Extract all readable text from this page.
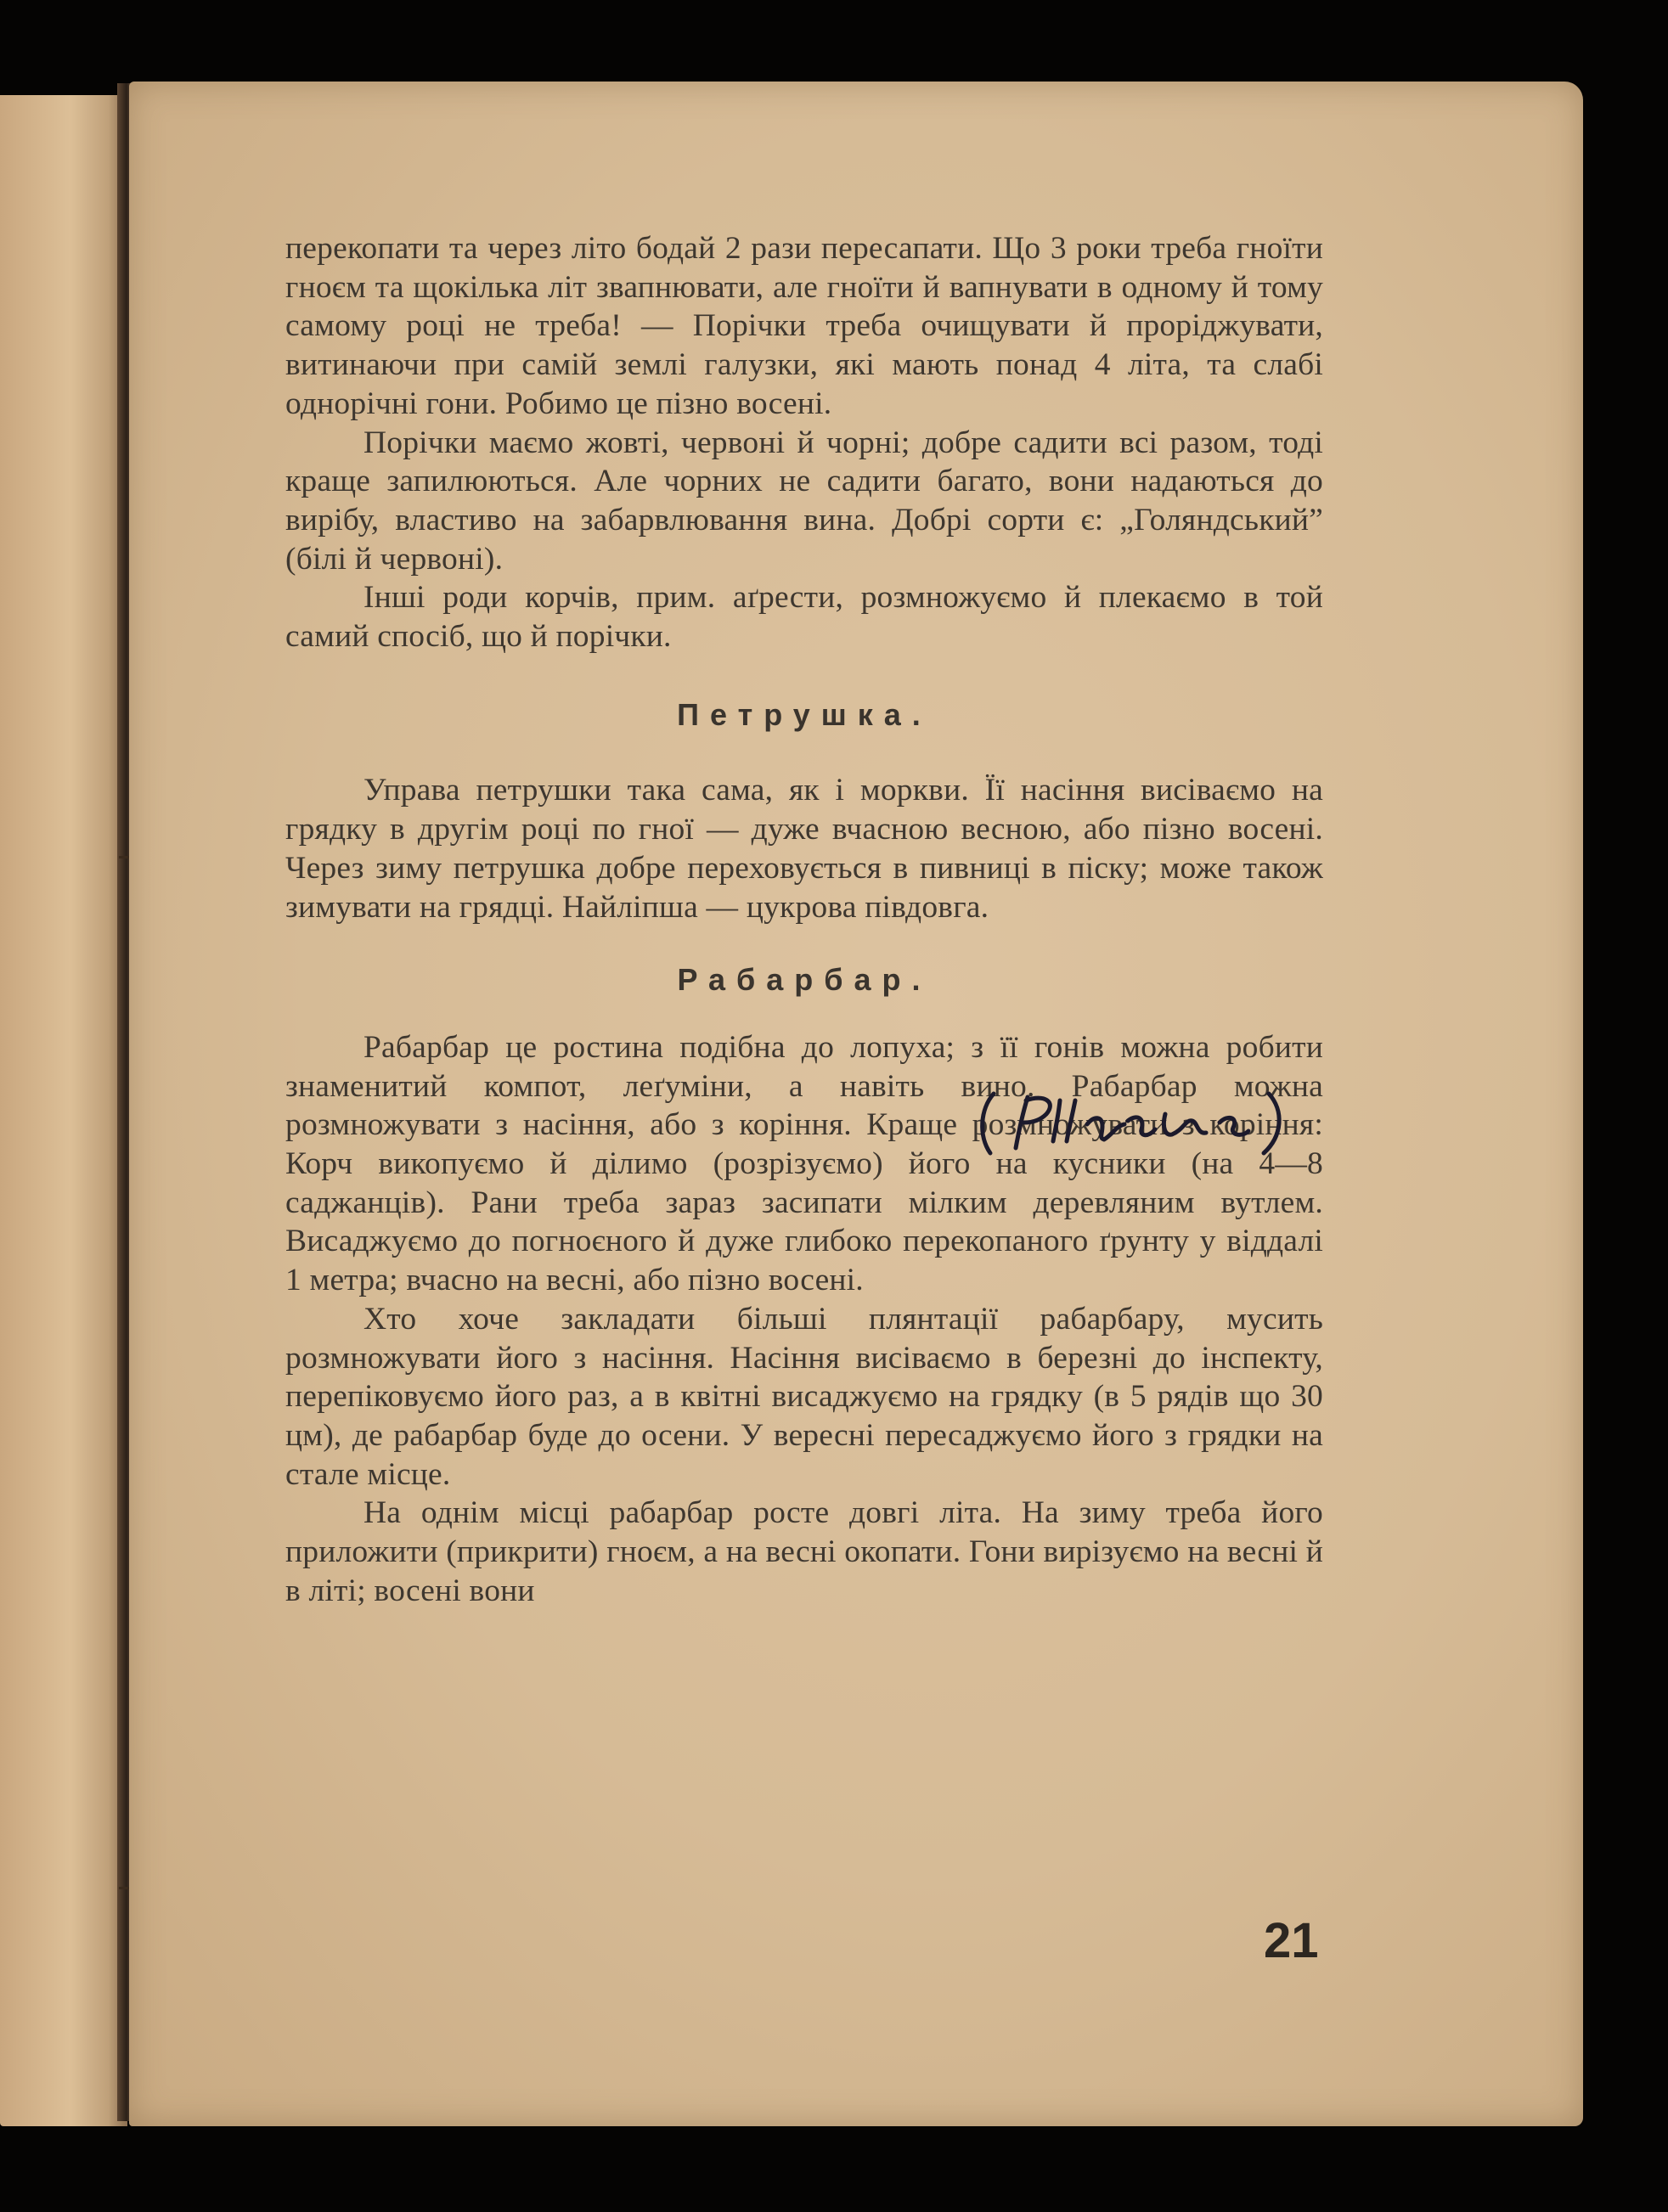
перекопати та через літо бодай 2 рази пересапати. Що 3 роки треба гноїти гноєм та щокілька літ звапнювати, але гноїти й вапнувати в одному й тому самому році не треба! — Порічки треба очищувати й проріджувати, витинаючи при самій землі галузки, які мають понад 4 літа, та слабі однорічні гони. Робимо це пізно восені.

Порічки маємо жовті, червоні й чорні; добре садити всі разом, тоді краще запилюються. Але чорних не садити багато, вони надаються до вирібу, властиво на забарвлювання вина. Добрі сорти є: „Голяндський” (білі й червоні).

Інші роди корчів, прим. аґрести, розмножуємо й плекаємо в той самий спосіб, що й порічки.

Петрушка.

Управа петрушки така сама, як і моркви. Її насіння висіваємо на грядку в другім році по гної — дуже вчасною весною, або пізно восені. Через зиму петрушка добре переховується в пивниці в піску; може також зимувати на грядці. Найліпша — цукрова півдовга.

Рабарбар.

Рабарбар це ростина подібна до лопуха; з її гонів можна робити знаменитий компот, леґуміни, а навіть вино. Рабарбар можна розмножувати з насіння, або з коріння. Краще розмножувати з коріння: Корч викопуємо й ділимо (розрізуємо) його на кусники (на 4—8 саджанців). Рани треба зараз засипати мілким деревляним вутлем. Висаджуємо до погноєного й дуже глибоко перекопаного ґрунту у віддалі 1 метра; вчасно на весні, або пізно восені.

Хто хоче закладати більші плянтації рабарбару, мусить розмножувати його з насіння. Насіння висіваємо в березні до інспекту, перепіковуємо його раз, а в квітні висаджуємо на грядку (в 5 рядів що 30 цм), де рабарбар буде до осени. У вересні пересаджуємо його з грядки на стале місце.

На однім місці рабарбар росте довгі літа. На зиму треба його приложити (прикрити) гноєм, а на весні окопати. Гони вирізуємо на весні й в літі; восені вони

21
